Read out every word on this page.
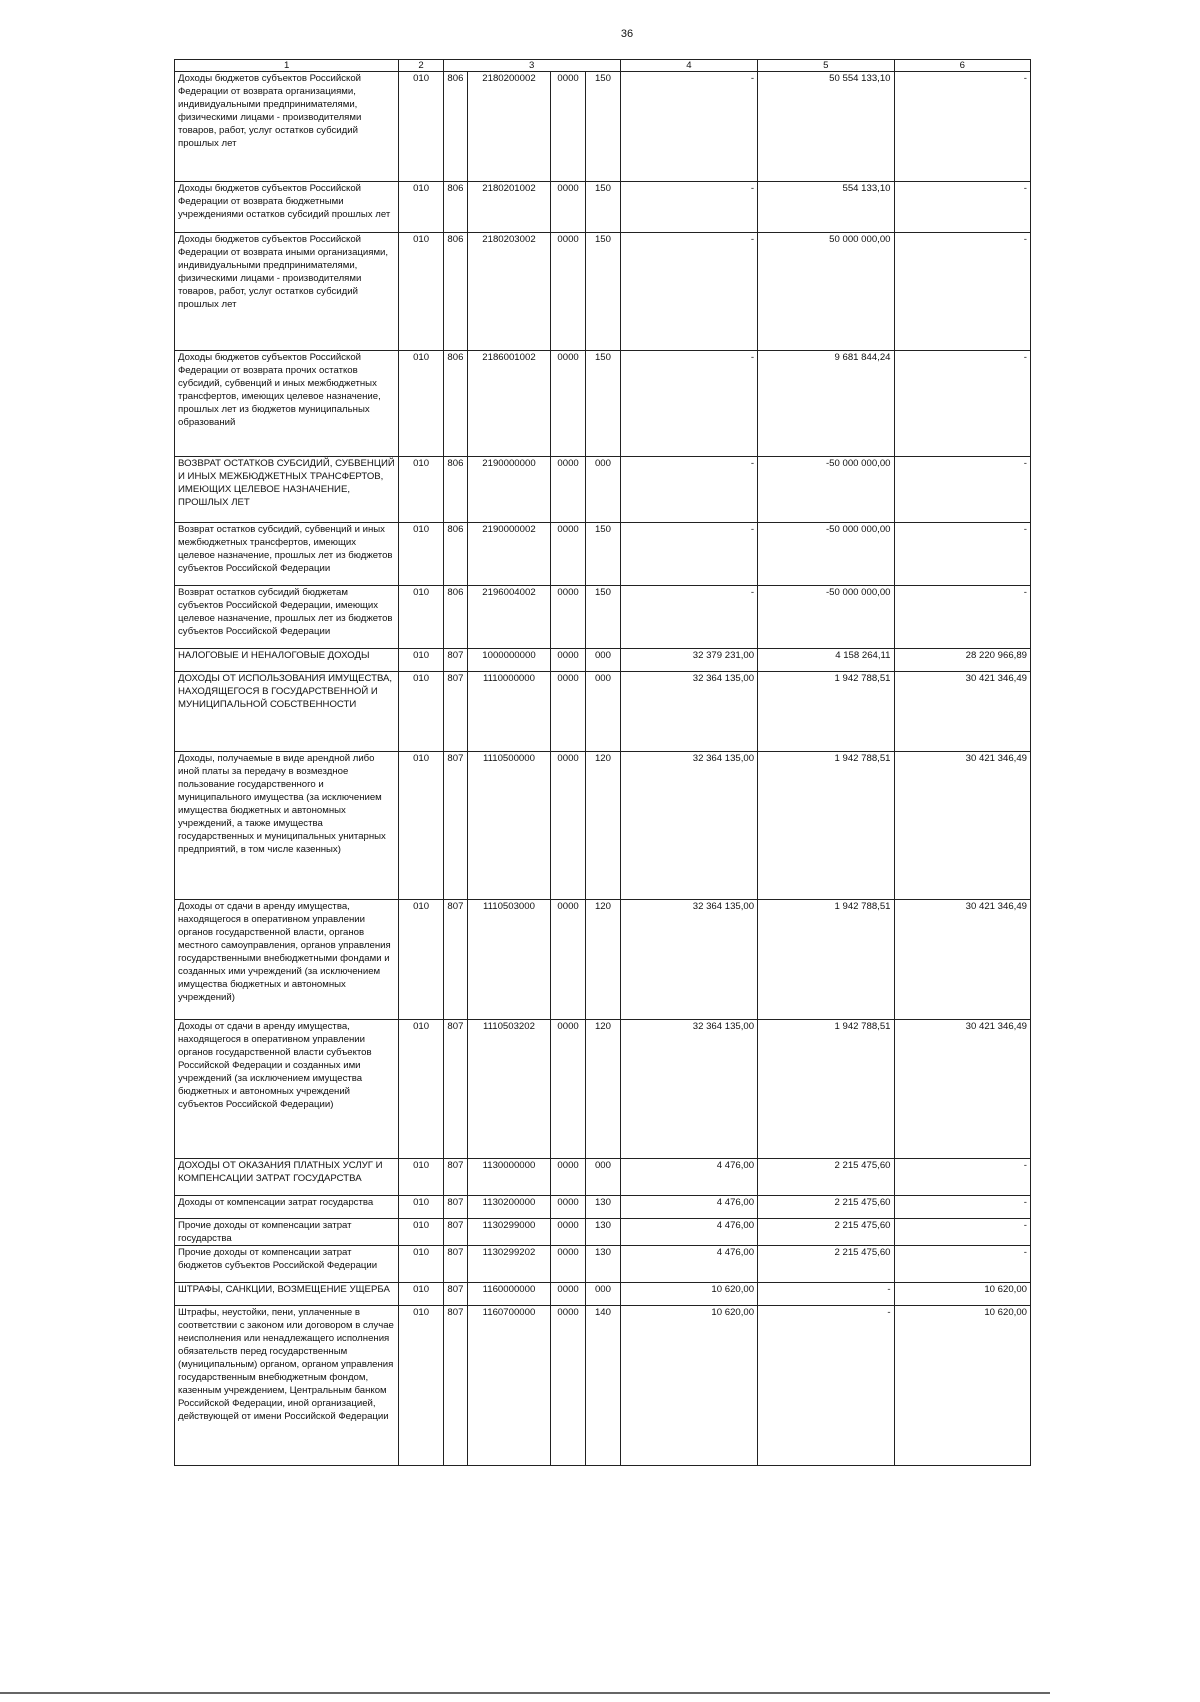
36
1	2	3				4	5	6
Доходы бюджетов субъектов Российской Федерации от возврата организациями, индивидуальными предпринимателями, физическими лицами - производителями товаров, работ, услуг остатков субсидий прошлых лет	010	806	2180200002	0000	150	-	50 554 133,10	-
Доходы бюджетов субъектов Российской Федерации от возврата бюджетными учреждениями остатков субсидий прошлых лет	010	806	2180201002	0000	150	-	554 133,10	-
Доходы бюджетов субъектов Российской Федерации от возврата иными организациями, индивидуальными предпринимателями, физическими лицами - производителями товаров, работ, услуг остатков субсидий прошлых лет	010	806	2180203002	0000	150	-	50 000 000,00	-
Доходы бюджетов субъектов Российской Федерации от возврата прочих остатков субсидий, субвенций и иных межбюджетных трансфертов, имеющих целевое назначение, прошлых лет из бюджетов муниципальных образований	010	806	2186001002	0000	150	-	9 681 844,24	-
ВОЗВРАТ ОСТАТКОВ СУБСИДИЙ, СУБВЕНЦИЙ И ИНЫХ МЕЖБЮДЖЕТНЫХ ТРАНСФЕРТОВ, ИМЕЮЩИХ ЦЕЛЕВОЕ НАЗНАЧЕНИЕ, ПРОШЛЫХ ЛЕТ	010	806	2190000000	0000	000	-	-50 000 000,00	-
Возврат остатков субсидий, субвенций и иных межбюджетных трансфертов, имеющих целевое назначение, прошлых лет из бюджетов субъектов Российской Федерации	010	806	2190000002	0000	150	-	-50 000 000,00	-
Возврат остатков субсидий бюджетам субъектов Российской Федерации, имеющих целевое назначение, прошлых лет из бюджетов субъектов Российской Федерации	010	806	2196004002	0000	150	-	-50 000 000,00	-
НАЛОГОВЫЕ И НЕНАЛОГОВЫЕ ДОХОДЫ	010	807	1000000000	0000	000	32 379 231,00	4 158 264,11	28 220 966,89
ДОХОДЫ ОТ ИСПОЛЬЗОВАНИЯ ИМУЩЕСТВА, НАХОДЯЩЕГОСЯ В ГОСУДАРСТВЕННОЙ И МУНИЦИПАЛЬНОЙ СОБСТВЕННОСТИ	010	807	1110000000	0000	000	32 364 135,00	1 942 788,51	30 421 346,49
Доходы, получаемые в виде арендной либо иной платы за передачу в возмездное пользование государственного и муниципального имущества (за исключением имущества бюджетных и автономных учреждений, а также имущества государственных и муниципальных унитарных предприятий, в том числе казенных)	010	807	1110500000	0000	120	32 364 135,00	1 942 788,51	30 421 346,49
Доходы от сдачи в аренду имущества, находящегося в оперативном управлении органов государственной власти, органов местного самоуправления, органов управления государственными внебюджетными фондами и созданных ими учреждений (за исключением имущества бюджетных и автономных учреждений)	010	807	1110503000	0000	120	32 364 135,00	1 942 788,51	30 421 346,49
Доходы от сдачи в аренду имущества, находящегося в оперативном управлении органов государственной власти субъектов Российской Федерации и созданных ими учреждений (за исключением имущества бюджетных и автономных учреждений субъектов Российской Федерации)	010	807	1110503202	0000	120	32 364 135,00	1 942 788,51	30 421 346,49
ДОХОДЫ ОТ ОКАЗАНИЯ ПЛАТНЫХ УСЛУГ И КОМПЕНСАЦИИ ЗАТРАТ ГОСУДАРСТВА	010	807	1130000000	0000	000	4 476,00	2 215 475,60	-
Доходы от компенсации затрат государства	010	807	1130200000	0000	130	4 476,00	2 215 475,60	-
Прочие доходы от компенсации затрат государства	010	807	1130299000	0000	130	4 476,00	2 215 475,60	-
Прочие доходы от компенсации затрат бюджетов субъектов Российской Федерации	010	807	1130299202	0000	130	4 476,00	2 215 475,60	-
ШТРАФЫ, САНКЦИИ, ВОЗМЕЩЕНИЕ УЩЕРБА	010	807	1160000000	0000	000	10 620,00	-	10 620,00
Штрафы, неустойки, пени, уплаченные в соответствии с законом или договором в случае неисполнения или ненадлежащего исполнения обязательств перед государственным (муниципальным) органом, органом управления государственным внебюджетным фондом, казенным учреждением, Центральным банком Российской Федерации, иной организацией, действующей от имени Российской Федерации	010	807	1160700000	0000	140	10 620,00	-	10 620,00
